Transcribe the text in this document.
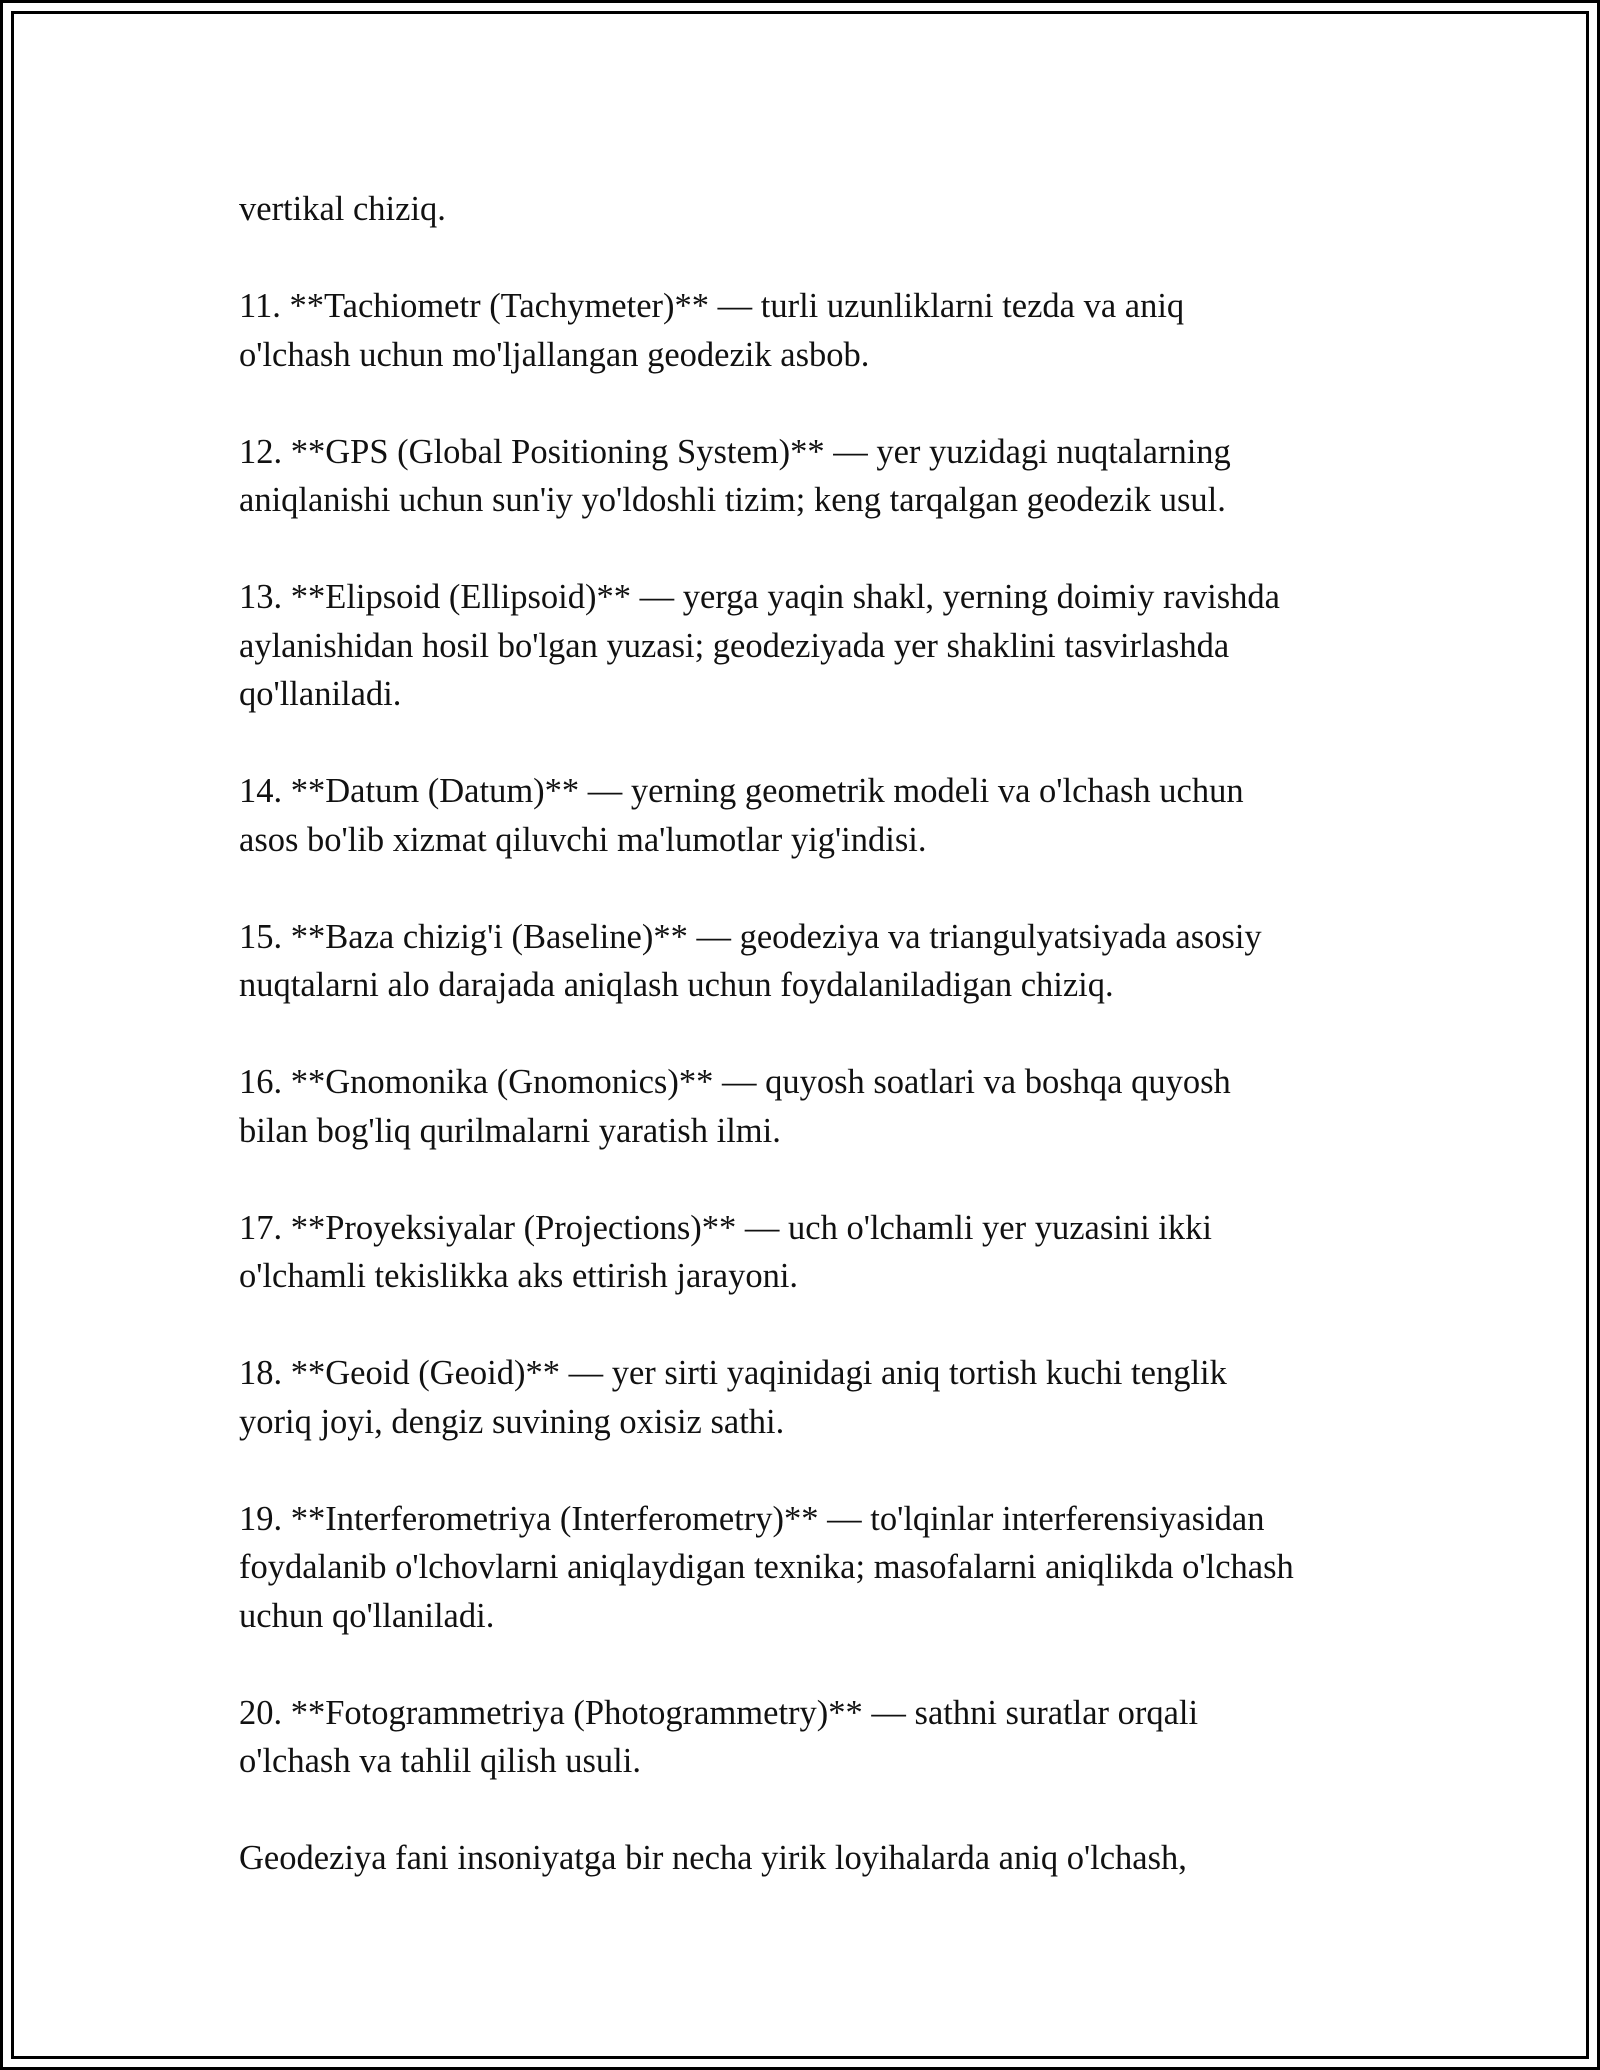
vertikal chiziq.

11. **Tachiometr (Tachymeter)** — turli uzunliklarni tezda va aniq
o'lchash uchun mo'ljallangan geodezik asbob.

12. **GPS (Global Positioning System)** — yer yuzidagi nuqtalarning
aniqlanishi uchun sun'iy yo'ldoshli tizim; keng tarqalgan geodezik usul.

13. **Elipsoid (Ellipsoid)** — yerga yaqin shakl, yerning doimiy ravishda
aylanishidan hosil bo'lgan yuzasi; geodeziyada yer shaklini tasvirlashda
qo'llaniladi.

14. **Datum (Datum)** — yerning geometrik modeli va o'lchash uchun
asos bo'lib xizmat qiluvchi ma'lumotlar yig'indisi.

15. **Baza chizig'i (Baseline)** — geodeziya va triangulyatsiyada asosiy
nuqtalarni alo darajada aniqlash uchun foydalaniladigan chiziq.

16. **Gnomonika (Gnomonics)** — quyosh soatlari va boshqa quyosh
bilan bog'liq qurilmalarni yaratish ilmi.

17. **Proyeksiyalar (Projections)** — uch o'lchamli yer yuzasini ikki
o'lchamli tekislikka aks ettirish jarayoni.

18. **Geoid (Geoid)** — yer sirti yaqinidagi aniq tortish kuchi tenglik
yoriq joyi, dengiz suvining oxisiz sathi.

19. **Interferometriya (Interferometry)** — to'lqinlar interferensiyasidan
foydalanib o'lchovlarni aniqlaydigan texnika; masofalarni aniqlikda o'lchash
uchun qo'llaniladi.

20. **Fotogrammetriya (Photogrammetry)** — sathni suratlar orqali
o'lchash va tahlil qilish usuli.

Geodeziya fani insoniyatga bir necha yirik loyihalarda aniq o'lchash,
